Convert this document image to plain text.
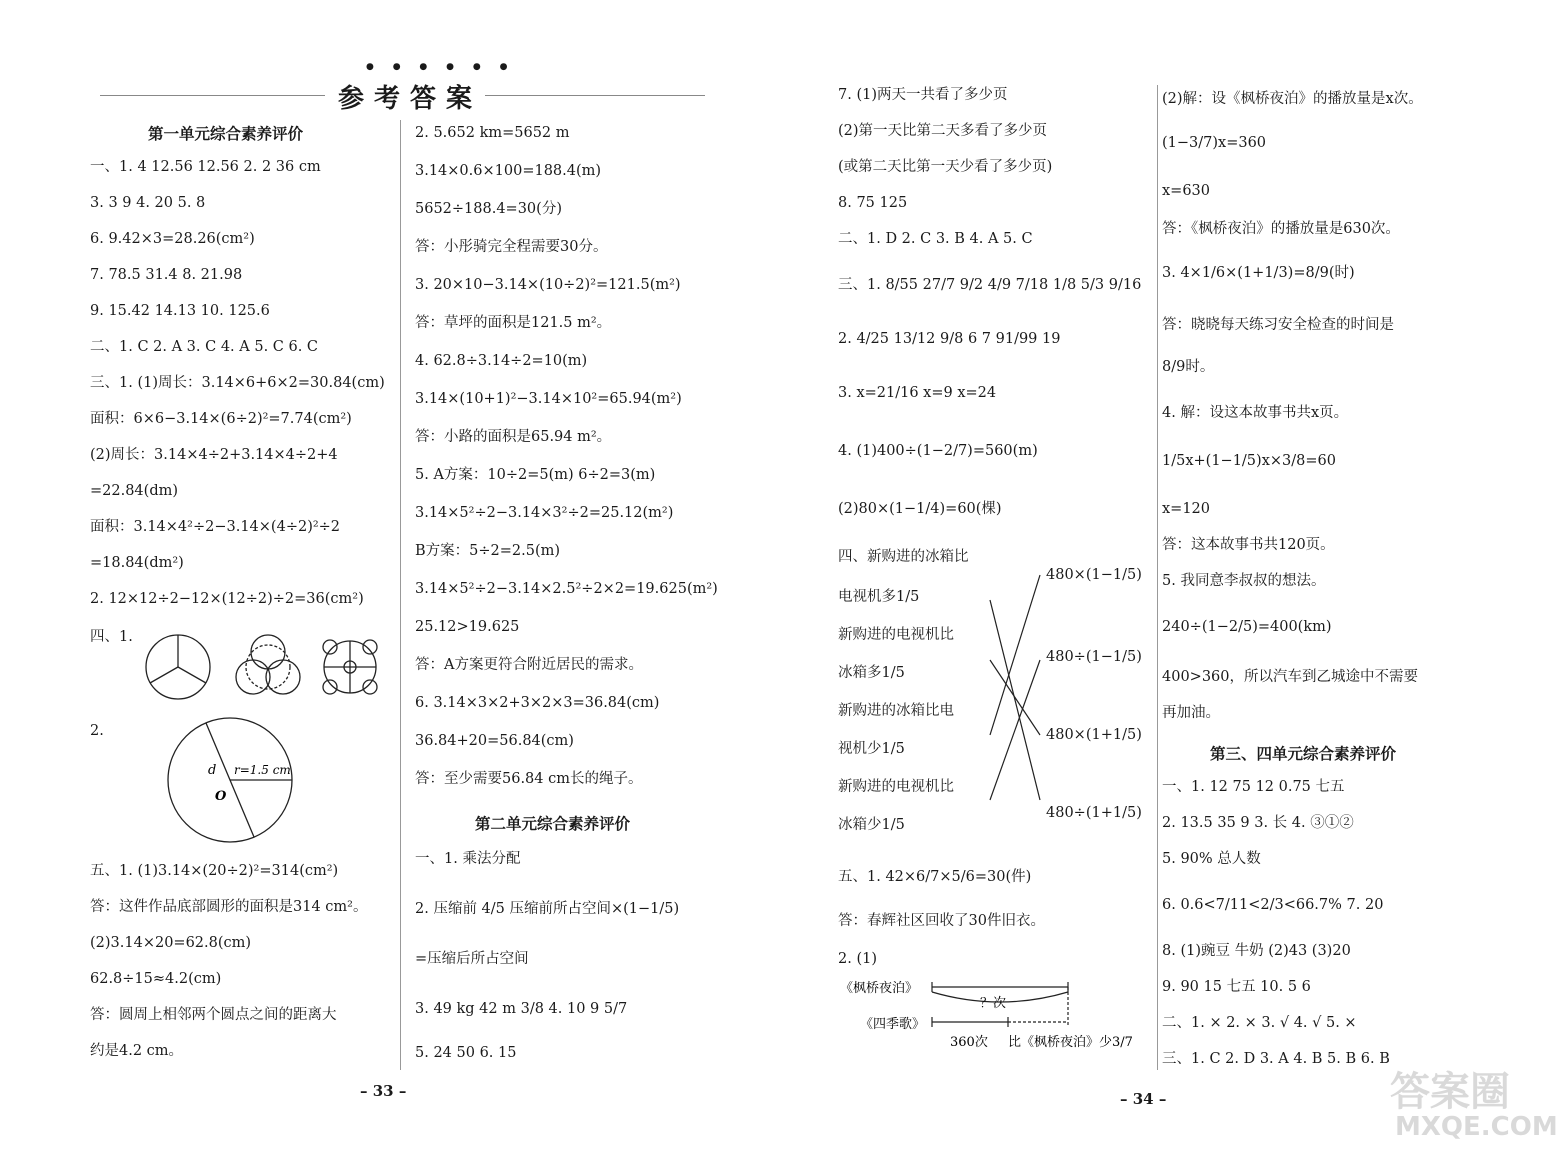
● ● ● ● ● ●
参考答案
第一单元综合素养评价
一、1. 4 12.56 12.56 2. 2 36 cm
3. 3 9 4. 20 5. 8
6. 9.42×3=28.26(cm²)
7. 78.5 31.4 8. 21.98
9. 15.42 14.13 10. 125.6
二、1. C 2. A 3. C 4. A 5. C 6. C
三、1. (1)周长：3.14×6+6×2=30.84(cm)
面积：6×6−3.14×(6÷2)²=7.74(cm²)
(2)周长：3.14×4÷2+3.14×4÷2+4
=22.84(dm)
面积：3.14×4²÷2−3.14×(4÷2)²÷2
=18.84(dm²)
2. 12×12÷2−12×(12÷2)÷2=36(cm²)
四、1.
2.
d r=1.5 cm
O
五、1. (1)3.14×(20÷2)²=314(cm²)
答：这件作品底部圆形的面积是314 cm²。
(2)3.14×20=62.8(cm)
62.8÷15≈4.2(cm)
答：圆周上相邻两个圆点之间的距离大
约是4.2 cm。
2. 5.652 km=5652 m
3.14×0.6×100=188.4(m)
5652÷188.4=30(分)
答：小彤骑完全程需要30分。
3. 20×10−3.14×(10÷2)²=121.5(m²)
答：草坪的面积是121.5 m²。
4. 62.8÷3.14÷2=10(m)
3.14×(10+1)²−3.14×10²=65.94(m²)
答：小路的面积是65.94 m²。
5. A方案：10÷2=5(m) 6÷2=3(m)
3.14×5²÷2−3.14×3²÷2=25.12(m²)
B方案：5÷2=2.5(m)
3.14×5²÷2−3.14×2.5²÷2×2=19.625(m²)
25.12>19.625
答：A方案更符合附近居民的需求。
6. 3.14×3×2+3×2×3=36.84(cm)
36.84+20=56.84(cm)
答：至少需要56.84 cm长的绳子。
第二单元综合素养评价
一、1. 乘法分配
2. 压缩前 4/5 压缩前所占空间×(1−1/5)
=压缩后所占空间
3. 49 kg 42 m 3/8 4. 10 9 5/7
5. 24 50 6. 15
– 33 –
7. (1)两天一共看了多少页
(2)第一天比第二天多看了多少页
(或第二天比第一天少看了多少页)
8. 75 125
二、1. D 2. C 3. B 4. A 5. C
三、1. 8/55 27/7 9/2 4/9 7/18 1/8 5/3 9/16
2. 4/25 13/12 9/8 6 7 91/99 19
3. x=21/16 x=9 x=24
4. (1)400÷(1−2/7)=560(m)
(2)80×(1−1/4)=60(棵)
四、新购进的冰箱比
电视机多1/5
新购进的电视机比
冰箱多1/5
新购进的冰箱比电
视机少1/5
新购进的电视机比
冰箱少1/5
480×(1−1/5)
480÷(1−1/5)
480×(1+1/5)
480÷(1+1/5)
五、1. 42×6/7×5/6=30(件)
答：春辉社区回收了30件旧衣。
2. (1)
《枫桥夜泊》
《四季歌》
？次
360次 比《枫桥夜泊》少3/7
– 34 –
(2)解：设《枫桥夜泊》的播放量是x次。
(1−3/7)x=360
x=630
答：《枫桥夜泊》的播放量是630次。
3. 4×1/6×(1+1/3)=8/9(时)
答：晓晓每天练习安全检查的时间是
8/9时。
4. 解：设这本故事书共x页。
1/5x+(1−1/5)x×3/8=60
x=120
答：这本故事书共120页。
5. 我同意李叔叔的想法。
240÷(1−2/5)=400(km)
400>360，所以汽车到乙城途中不需要
再加油。
第三、四单元综合素养评价
一、1. 12 75 12 0.75 七五
2. 13.5 35 9 3. 长 4. ③①②
5. 90% 总人数
6. 0.6<7/11<2/3<66.7% 7. 20
8. (1)豌豆 牛奶 (2)43 (3)20
9. 90 15 七五 10. 5 6
二、1. × 2. × 3. √ 4. √ 5. ×
三、1. C 2. D 3. A 4. B 5. B 6. B
答案圈
MXQE.COM
